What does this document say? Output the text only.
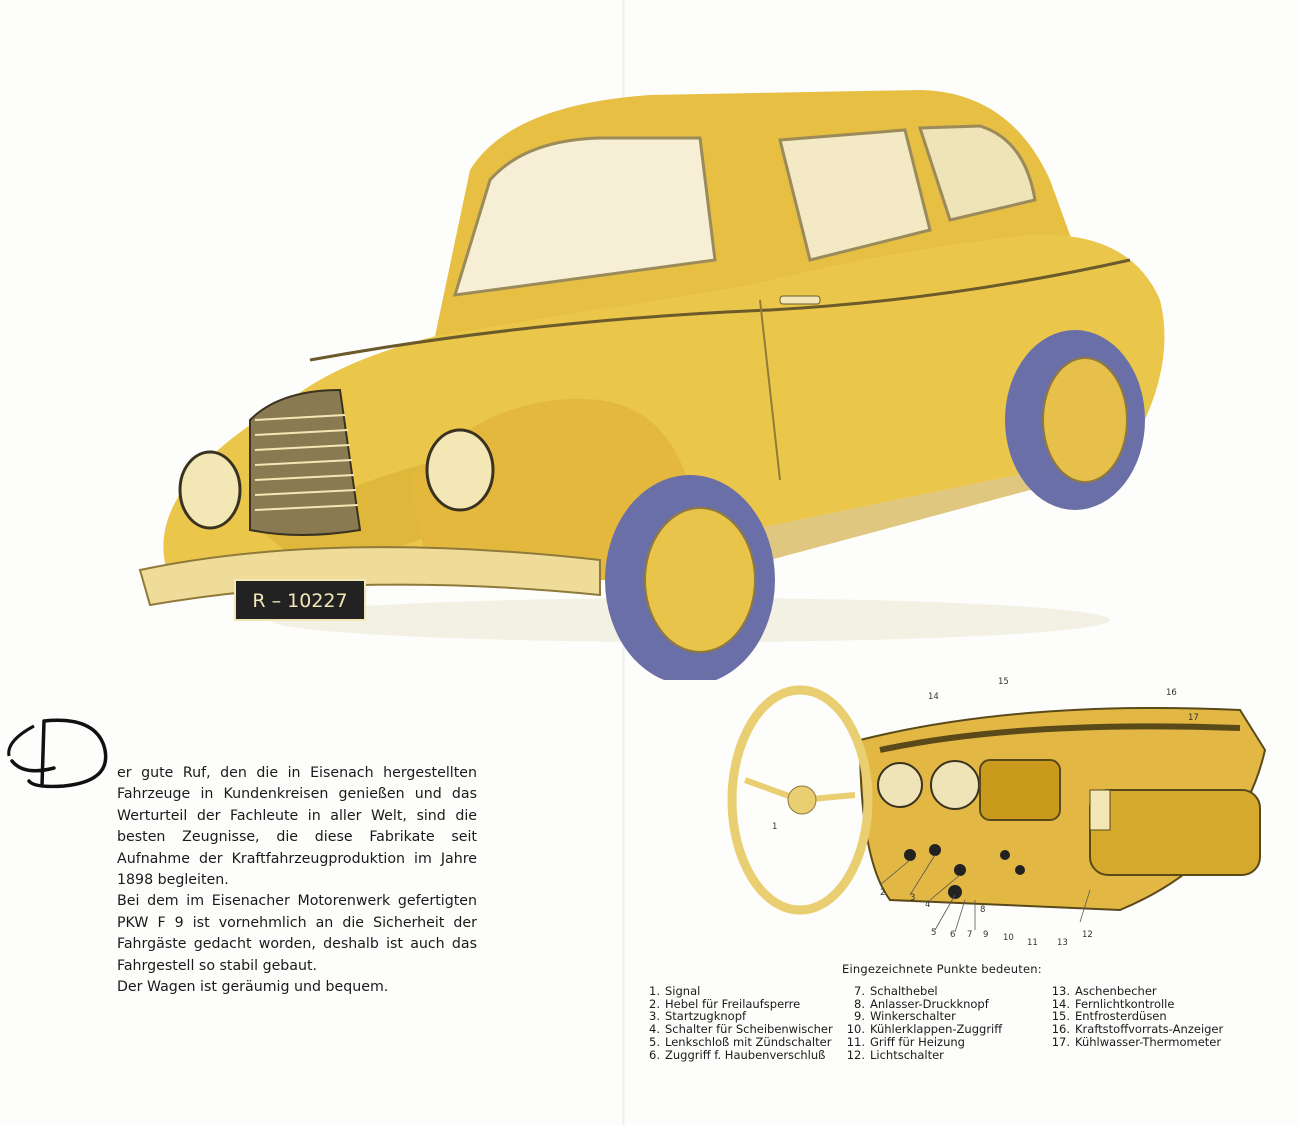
R – 10227

er gute Ruf, den die in Eisenach hergestellten Fahrzeuge in Kundenkreisen genießen und das Werturteil der Fachleute in aller Welt, sind die besten Zeugnisse, die diese Fabrikate seit Aufnahme der Kraftfahrzeugproduktion im Jahre 1898 begleiten.

Bei dem im Eisenacher Motorenwerk gefertigten PKW F 9 ist vornehmlich an die Sicherheit der Fahrgäste gedacht worden, deshalb ist auch das Fahrgestell so stabil gebaut.

Der Wagen ist geräumig und bequem.

1
2	3
4
5 6 7
8
9 10 11
12
13
14
15
16
17
Eingezeichnete Punkte bedeuten:
1. Signal
2. Hebel für Freilaufsperre
3. Startzugknopf
4. Schalter für Scheibenwischer
5. Lenkschloß mit Zündschalter
6. Zuggriff f. Haubenverschluß
7. Schalthebel
8. Anlasser-Druckknopf
9. Winkerschalter
10. Kühlerklappen-Zuggriff
11. Griff für Heizung
12. Lichtschalter
13. Aschenbecher
14. Fernlichtkontrolle
15. Entfrosterdüsen
16. Kraftstoffvorrats-Anzeiger
17. Kühlwasser-Thermometer
